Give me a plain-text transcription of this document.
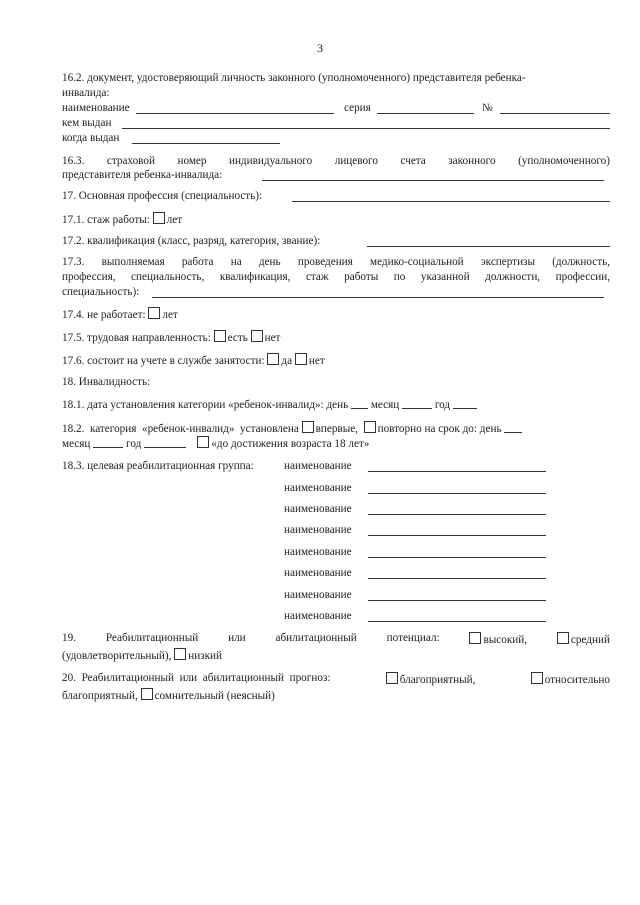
3
16.2. документ, удостоверяющий личность законного (уполномоченного) представителя ребенка-
инвалида:
наименование	серия	№
кем выдан
когда выдан
16.3. страховой номер индивидуального лицевого счета законного (уполномоченного)
представителя ребенка-инвалида:
17. Основная профессия (специальность):
17.1. стаж работы: лет
17.2. квалификация (класс, разряд, категория, звание):
17.3. выполняемая работа на день проведения медико-социальной экспертизы (должность,
профессия, специальность, квалификация, стаж работы по указанной должности, профессии,
специальность):
17.4. не работает: лет
17.5. трудовая направленность: есть нет
17.6. состоит на учете в службе занятости: да нет
18. Инвалидность:
18.1. дата установления категории «ребенок-инвалид»: день месяц	год
18.2.  категория  «ребенок-инвалид»  установлена впервые, повторно на срок до: день
месяц	год	«до достижения возраста 18 лет»
18.3. целевая реабилитационная группа:	наименование
наименование
наименование
наименование
наименование
наименование
наименование
наименование
19.	Реабилитационный	или	абилитационный	потенциал:	высокий,	средний
(удовлетворительный), низкий
20.  Реабилитационный  или  абилитационный  прогноз:	благоприятный,	относительно
благоприятный, сомнительный (неясный)
